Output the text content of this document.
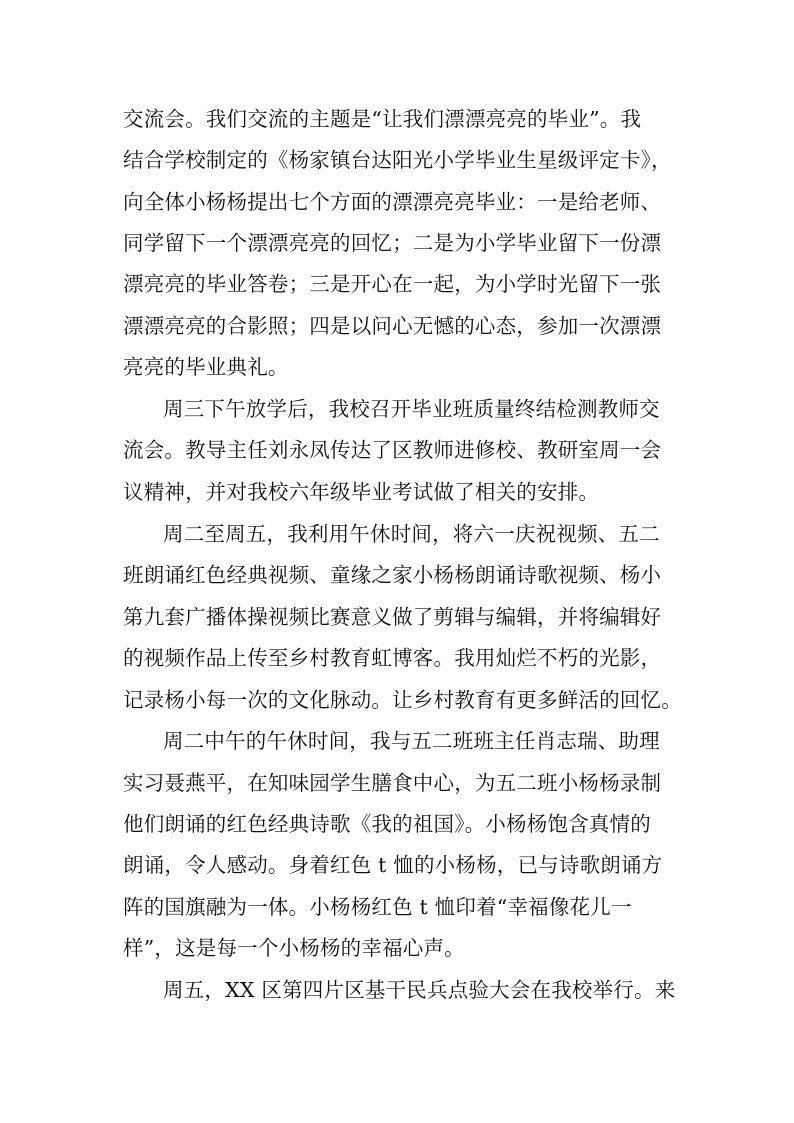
交流会。我们交流的主题是“让我们漂漂亮亮的毕业”。我
结合学校制定的《杨家镇台达阳光小学毕业生星级评定卡》，
向全体小杨杨提出七个方面的漂漂亮亮毕业：一是给老师、
同学留下一个漂漂亮亮的回忆；二是为小学毕业留下一份漂
漂亮亮的毕业答卷；三是开心在一起，为小学时光留下一张
漂漂亮亮的合影照；四是以问心无憾的心态，参加一次漂漂
亮亮的毕业典礼。
周三下午放学后，我校召开毕业班质量终结检测教师交
流会。教导主任刘永凤传达了区教师进修校、教研室周一会
议精神，并对我校六年级毕业考试做了相关的安排。
周二至周五，我利用午休时间，将六一庆祝视频、五二
班朗诵红色经典视频、童缘之家小杨杨朗诵诗歌视频、杨小
第九套广播体操视频比赛意义做了剪辑与编辑，并将编辑好
的视频作品上传至乡村教育虹博客。我用灿烂不朽的光影，
记录杨小每一次的文化脉动。让乡村教育有更多鲜活的回忆。
周二中午的午休时间，我与五二班班主任肖志瑞、助理
实习聂燕平，在知味园学生膳食中心，为五二班小杨杨录制
他们朗诵的红色经典诗歌《我的祖国》。小杨杨饱含真情的
朗诵，令人感动。身着红色 t 恤的小杨杨，已与诗歌朗诵方
阵的国旗融为一体。小杨杨红色 t 恤印着“幸福像花儿一
样”，这是每一个小杨杨的幸福心声。
周五，XX 区第四片区基干民兵点验大会在我校举行。来
